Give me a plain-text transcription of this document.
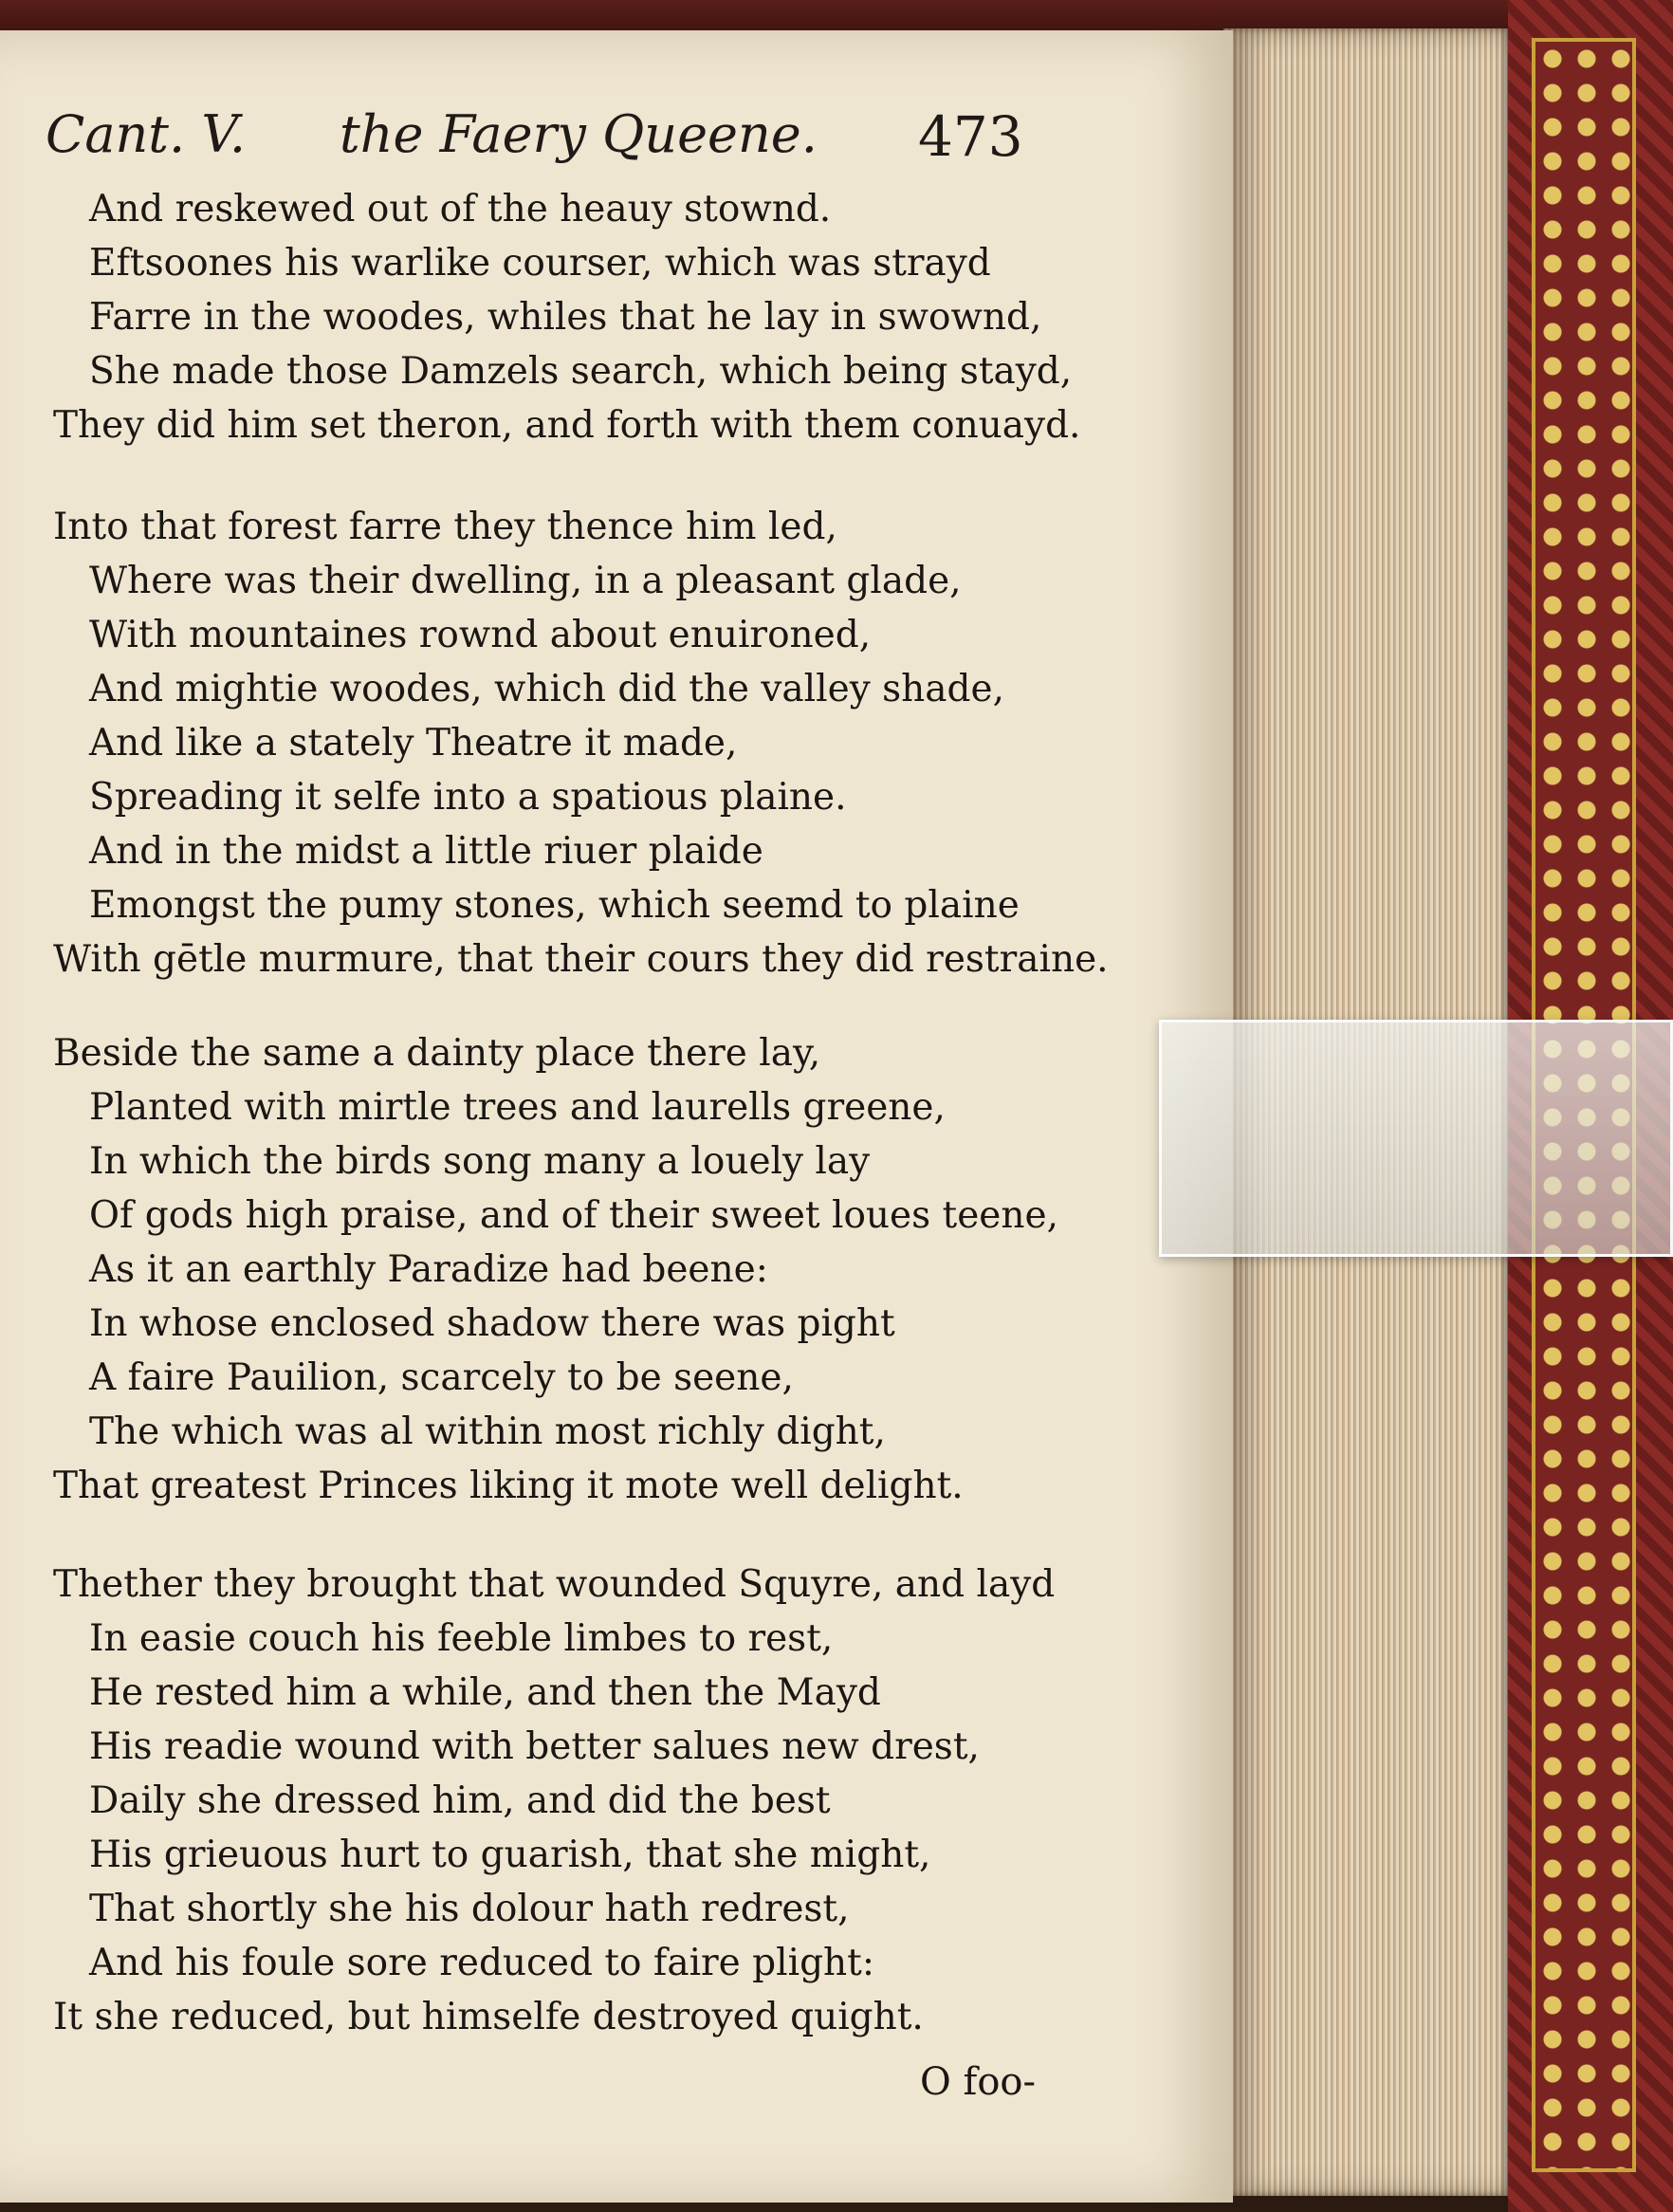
Cant. V. the Faery Queene. 473
And reskewed out of the heauy stownd.
Eftsoones his warlike courser, which was strayd
Farre in the woodes, whiles that he lay in swownd,
She made those Damzels search, which being stayd,
They did him set theron, and forth with them conuayd.
Into that forest farre they thence him led,
Where was their dwelling, in a pleasant glade,
With mountaines rownd about enuironed,
And mightie woodes, which did the valley shade,
And like a stately Theatre it made,
Spreading it selfe into a spatious plaine.
And in the midst a little riuer plaide
Emongst the pumy stones, which seemd to plaine
With gētle murmure, that their cours they did restraine.
Beside the same a dainty place there lay,
Planted with mirtle trees and laurells greene,
In which the birds song many a louely lay
Of gods high praise, and of their sweet loues teene,
As it an earthly Paradize had beene:
In whose enclosed shadow there was pight
A faire Pauilion, scarcely to be seene,
The which was al within most richly dight,
That greatest Princes liking it mote well delight.
Thether they brought that wounded Squyre, and layd
In easie couch his feeble limbes to rest,
He rested him a while, and then the Mayd
His readie wound with better salues new drest,
Daily she dressed him, and did the best
His grieuous hurt to guarish, that she might,
That shortly she his dolour hath redrest,
And his foule sore reduced to faire plight:
It she reduced, but himselfe destroyed quight.
O foo-
